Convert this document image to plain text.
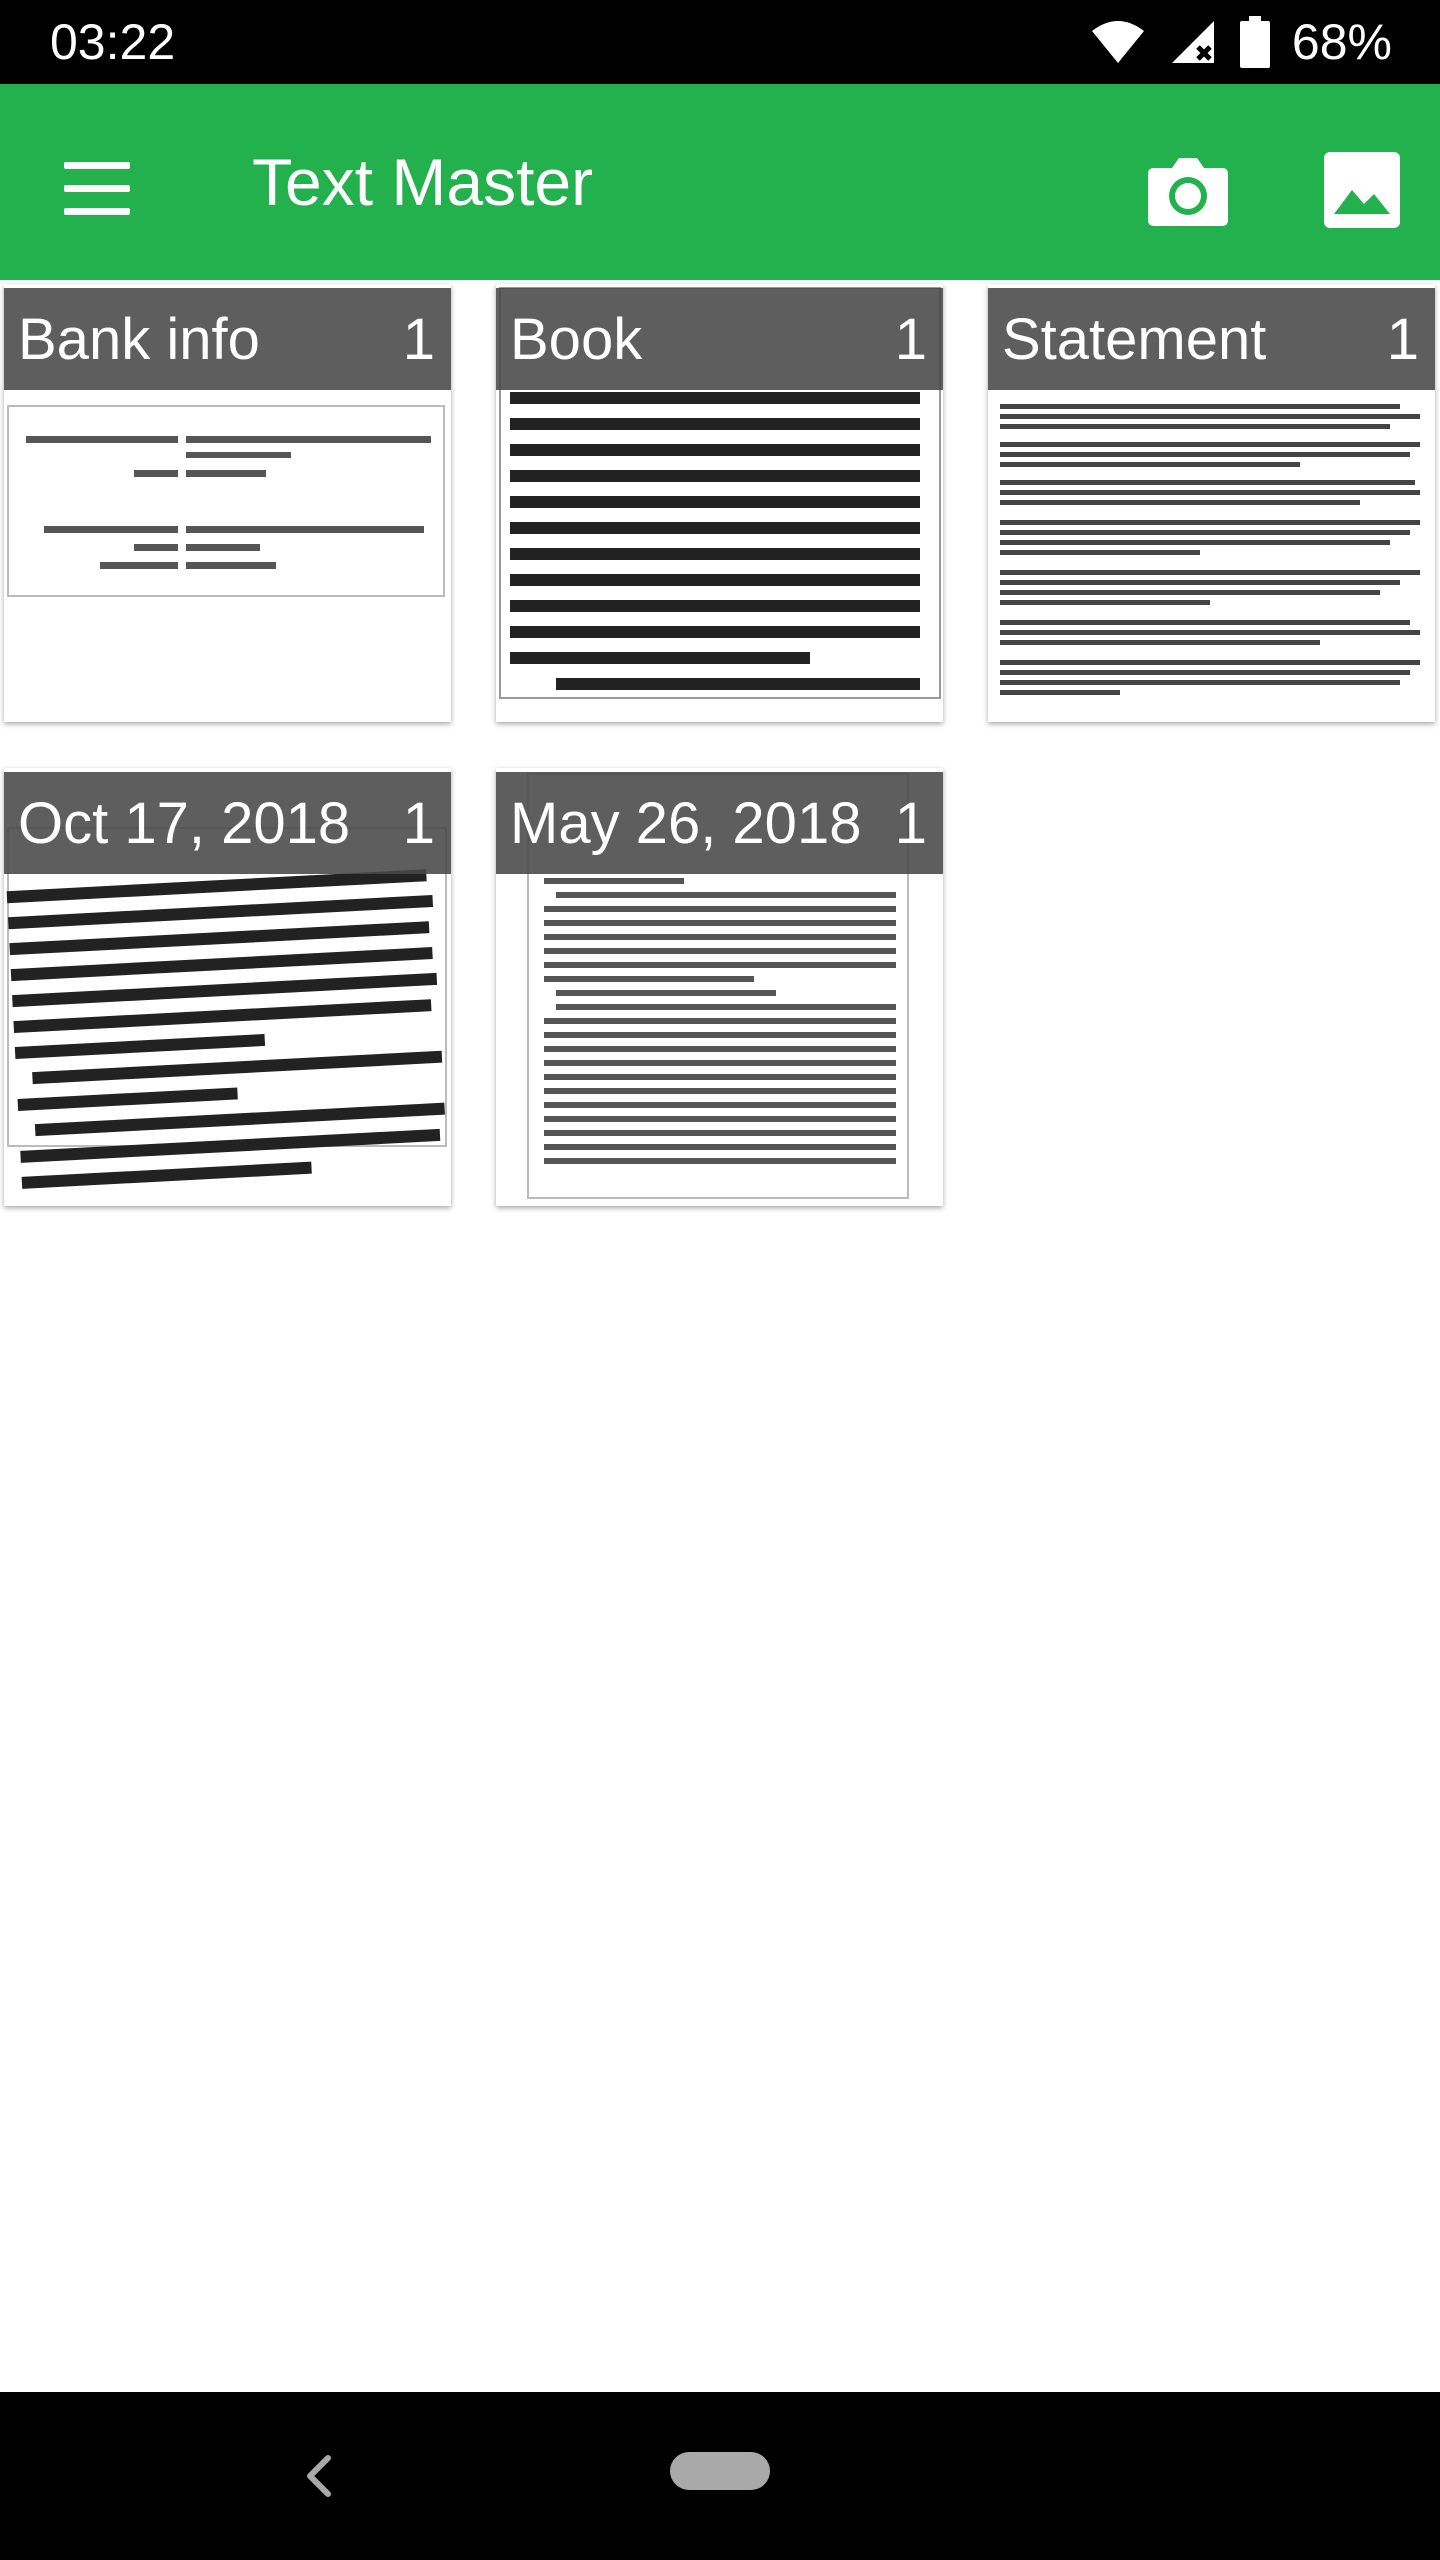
03:22	68%
Text Master
Bank info 1 Book	1 Statement 1
Oct 17, 2018 1 May 26, 2018 1
